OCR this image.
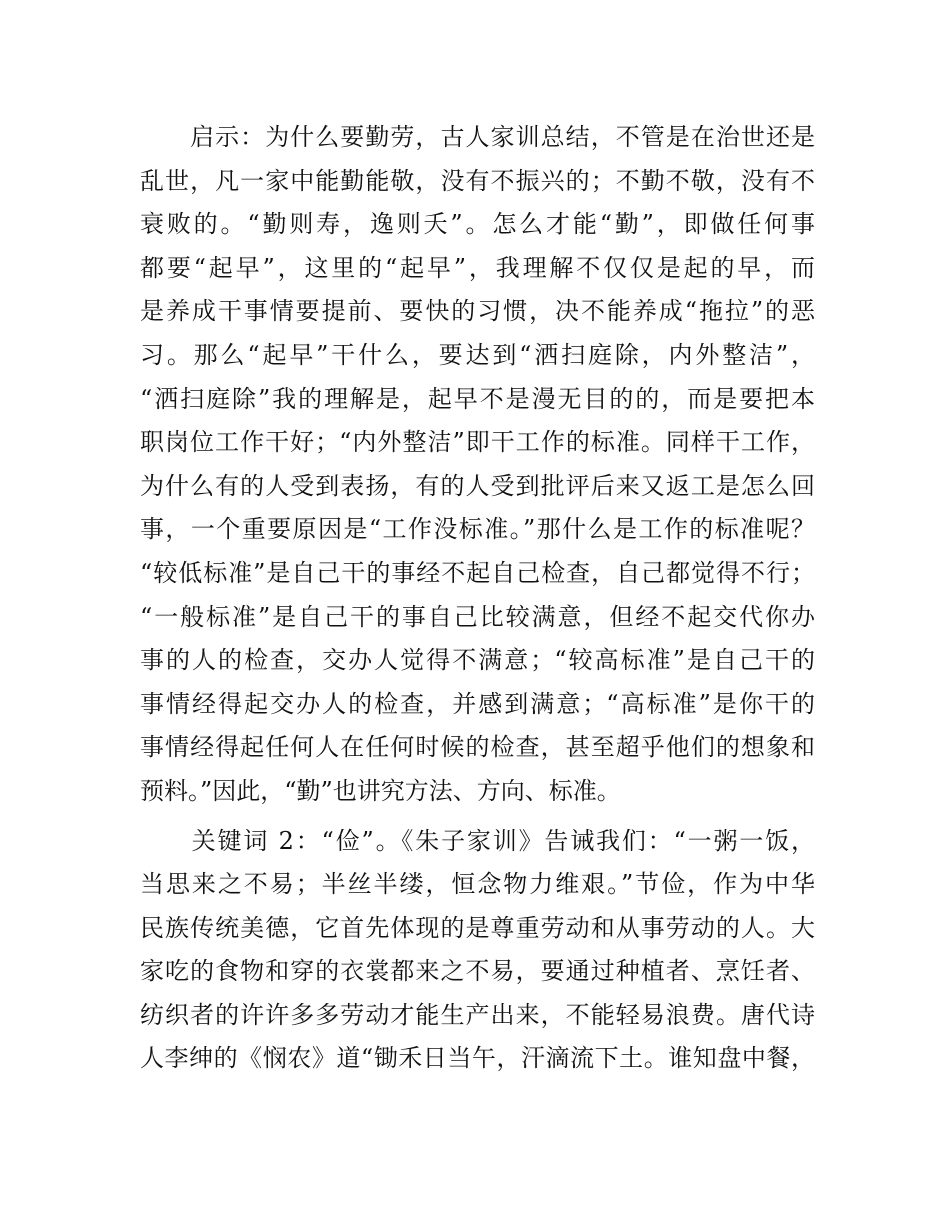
　　启示：为什么要勤劳，古人家训总结，不管是在治世还是
乱世，凡一家中能勤能敬，没有不振兴的；不勤不敬，没有不
衰败的。“勤则寿，逸则夭”。怎么才能“勤”，即做任何事
都要“起早”，这里的“起早”，我理解不仅仅是起的早，而
是养成干事情要提前、要快的习惯，决不能养成“拖拉”的恶
习。那么“起早”干什么，要达到“洒扫庭除，内外整洁”，
“洒扫庭除”我的理解是，起早不是漫无目的的，而是要把本
职岗位工作干好；“内外整洁”即干工作的标准。同样干工作，
为什么有的人受到表扬，有的人受到批评后来又返工是怎么回
事，一个重要原因是“工作没标准。”那什么是工作的标准呢？
“较低标准”是自己干的事经不起自己检查，自己都觉得不行；
“一般标准”是自己干的事自己比较满意，但经不起交代你办
事的人的检查，交办人觉得不满意；“较高标准”是自己干的
事情经得起交办人的检查，并感到满意；“高标准”是你干的
事情经得起任何人在任何时候的检查，甚至超乎他们的想象和
预料。”因此，“勤”也讲究方法、方向、标准。
　　关键词 2：“俭”。《朱子家训》告诫我们：“一粥一饭，
当思来之不易；半丝半缕，恒念物力维艰。”节俭，作为中华
民族传统美德，它首先体现的是尊重劳动和从事劳动的人。大
家吃的食物和穿的衣裳都来之不易，要通过种植者、烹饪者、
纺织者的许许多多劳动才能生产出来，不能轻易浪费。唐代诗
人李绅的《悯农》道“锄禾日当午，汗滴流下土。谁知盘中餐，
